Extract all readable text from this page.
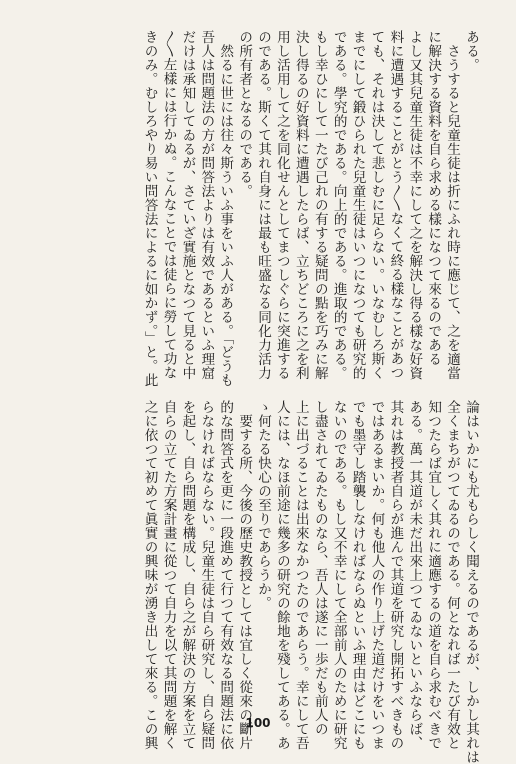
ある。
　さうすると兒童生徒は折にふれ時に應じて、之を適當
に解決する資料を自ら求める樣になつて來るのである
よし又其兒童生徒は不幸にして之を解決し得る樣な好資
料に遭遇することがとう〳〵なくて終る樣なことがあつ
ても、それは決して悲しむに足らない。いなむしろ斯く
までにして鍛ひられた兒童生徒はいつになつても研究的
である。學究的である。向上的である。進取的である。
もし幸ひにして一たび己れの有する疑問の點を巧みに解
決し得るの好資料に遭遇したらば、立ちどころに之を利
用し活用して之を同化せんとしてまつしぐらに突進する
のである。斯くて其れ自身には最も旺盛なる同化力活力
の所有者となるのである。
　然るに世には往々斯ういふ事をいふ人がある。「どうも
吾人は問題法の方が問答法よりは有效であるといふ理窟
だけは承知してゐるが、さていざ實施となつて見ると中
〳〵左樣には行かぬ。こんなことでは徒らに勞して功な
きのみ。むしろやり易い問答法によるに如かず。」と。此
論はいかにも尤もらしく聞えるのであるが、しかし其れは
全くまちがつてゐるのである。何となれば一たび有效と
知つたらば宜しく其れに適應するの道を自ら求むべきで
ある。萬一其道が未だ出來上つてゐないといふならば、
其れは教授者自らが進んで其道を研究し開拓すべきもの
ではあるまいか。何も他人の作り上げた道だけをいつま
でも墨守し踏襲しなければならぬといふ理由はどこにも
ないのである。もし又不幸にして全部前人のために研究
し盡されてゐたものなら、吾人は遂に一歩だも前人の
上に出づることは出來なかつたのであらう。幸にして吾
人には、なほ前途に幾多の研究の餘地を殘してある。あ
ゝ何たる快心の至りであらうか。
　要する所、今後の歷史教授としては宜しく從來の斷片
的な問答式を更に一段進めて行つて有效なる問題法に依
らなければならない。兒童生徒は自ら研究し、自ら疑問
を起し、自ら問題を構成し、自ら之が解決の方案を立て
自らの立てた方案計畫に從つて自力を以て其問題を解く
之に依つて初めて眞實の興味が湧き出して來る。この興	100
